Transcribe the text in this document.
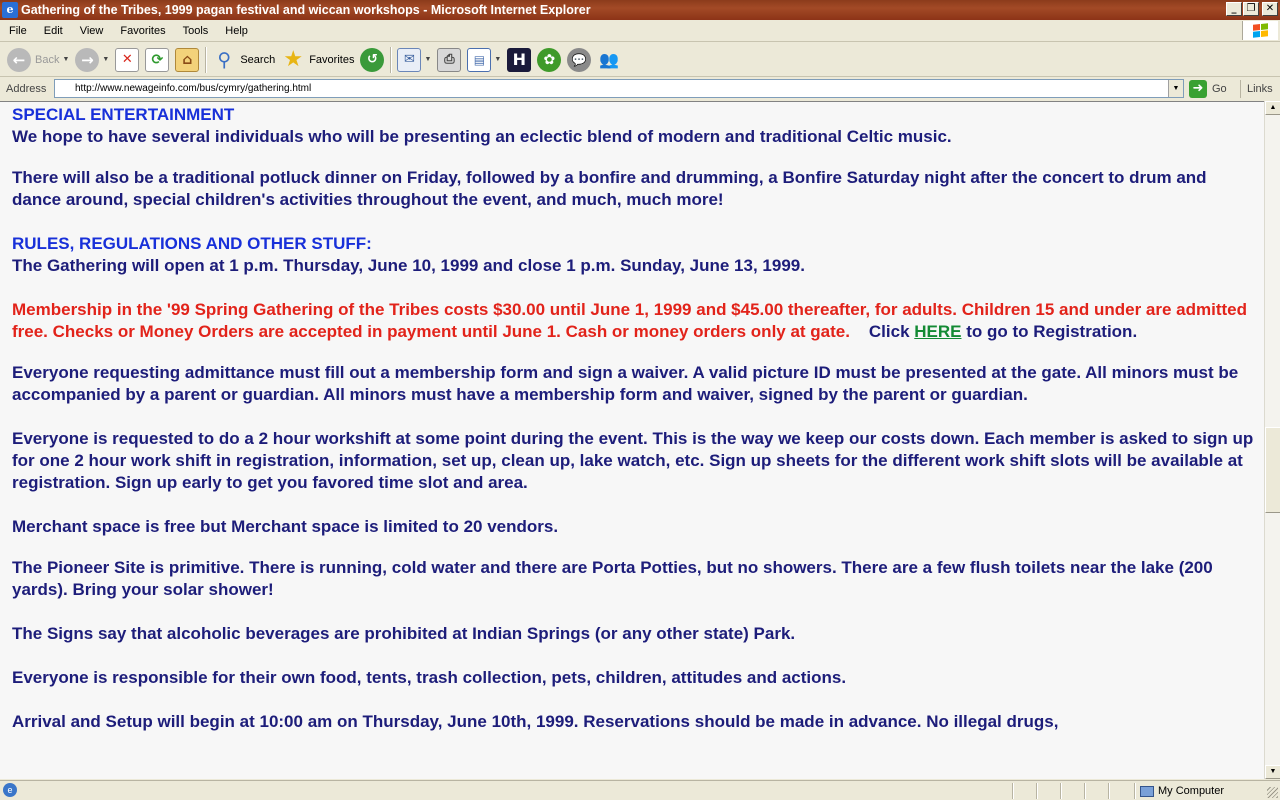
e Gathering of the Tribes, 1999 pagan festival and wiccan workshops - Microsoft Internet Explorer	_	❐	✕
File	Edit	View	Favorites	Tools	Help
← Back ▼ →	▼ ✕	⟳	⌂	⚲ Search ★ Favorites ↺	✉	▼ ⎙	▤	▼ H	✿	💬 👥
Address	http://www.newageinfo.com/bus/cymry/gathering.html	▼ ➜ Go	Links

SPECIAL ENTERTAINMENT

We hope to have several individuals who will be presenting an eclectic blend of modern and traditional Celtic music.

There will also be a traditional potluck dinner on Friday, followed by a bonfire and drumming, a Bonfire Saturday night after the concert to drum and dance around, special children's activities throughout the event, and much, much more!

RULES, REGULATIONS AND OTHER STUFF:

The Gathering will open at 1 p.m. Thursday, June 10, 1999 and close 1 p.m. Sunday, June 13, 1999.

Membership in the '99 Spring Gathering of the Tribes costs $30.00 until June 1, 1999 and $45.00 thereafter, for adults. Children 15 and under are admitted free. Checks or Money Orders are accepted in payment until June 1. Cash or money orders only at gate. Click HERE to go to Registration.

Everyone requesting admittance must fill out a membership form and sign a waiver. A valid picture ID must be presented at the gate. All minors must be accompanied by a parent or guardian. All minors must have a membership form and waiver, signed by the parent or guardian.

Everyone is requested to do a 2 hour workshift at some point during the event. This is the way we keep our costs down. Each member is asked to sign up for one 2 hour work shift in registration, information, set up, clean up, lake watch, etc. Sign up sheets for the different work shift slots will be available at registration. Sign up early to get you favored time slot and area.

Merchant space is free but Merchant space is limited to 20 vendors.

The Pioneer Site is primitive. There is running, cold water and there are Porta Potties, but no showers. There are a few flush toilets near the lake (200 yards). Bring your solar shower!

The Signs say that alcoholic beverages are prohibited at Indian Springs (or any other state) Park.

Everyone is responsible for their own food, tents, trash collection, pets, children, attitudes and actions.

Arrival and Setup will begin at 10:00 am on Thursday, June 10th, 1999. Reservations should be made in advance. No illegal drugs,

▲
▼
e	My Computer
